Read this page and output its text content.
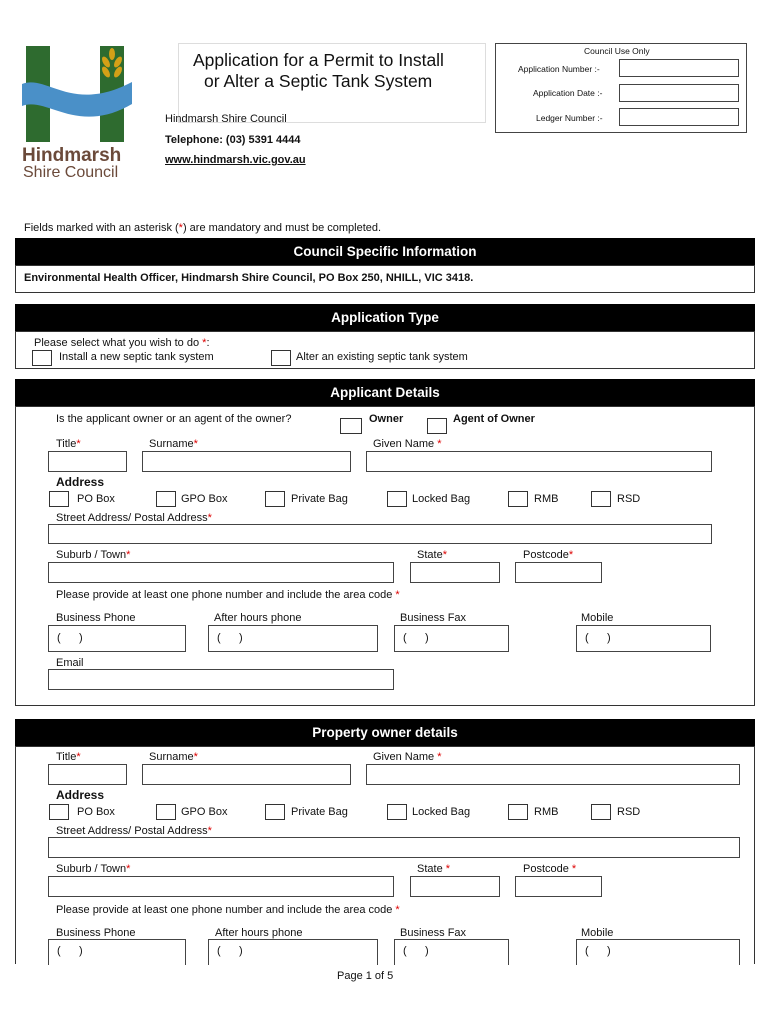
Hindmarsh
Shire Council
Application for a Permit to Install
or Alter a Septic Tank System
Hindmarsh Shire Council
Telephone: (03) 5391 4444
www.hindmarsh.vic.gov.au
Council Use Only
Application Number :-
Application Date :-
Ledger Number :-
Fields marked with an asterisk (*) are mandatory and must be completed.
Council Specific Information
Environmental Health Officer, Hindmarsh Shire Council, PO Box 250, NHILL, VIC 3418.
Application Type
Please select what you wish to do *:
Install a new septic tank system	Alter an existing septic tank system
Applicant Details
Is the applicant owner or an agent of the owner?	Owner	Agent of Owner
Title*	Surname*	Given Name *
Address
PO Box	GPO Box	Private Bag	Locked Bag	RMB	RSD
Street Address/ Postal Address*
Suburb / Town*	State*	Postcode*
Please provide at least one phone number and include the area code *
Business Phone	After hours phone	Business Fax	Mobile
( )	( )	( )	( )
Email
Property owner details
Title*	Surname*	Given Name *
Address
PO Box	GPO Box	Private Bag	Locked Bag	RMB	RSD
Street Address/ Postal Address*
Suburb / Town*	State *	Postcode *
Please provide at least one phone number and include the area code *
Business Phone	After hours phone	Business Fax	Mobile
( )	( )	( )	( )
Page 1 of 5
